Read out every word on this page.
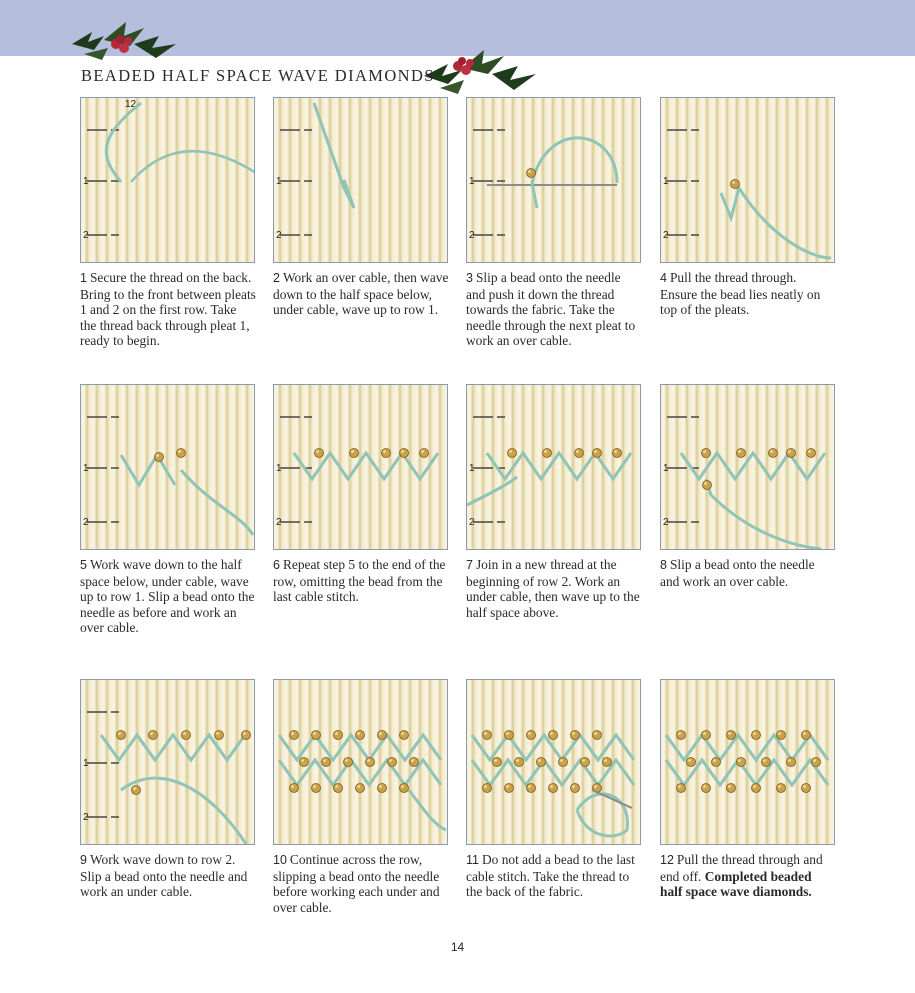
BEADED HALF SPACE WAVE DIAMONDS
1
2
12
1 Secure the thread on the back. Bring to the front between pleats 1 and 2 on the first row. Take the thread back through pleat 1, ready to begin.
1
2
2 Work an over cable, then wave down to the half space below, under cable, wave up to row 1.
1
2
3 Slip a bead onto the needle and push it down the thread towards the fabric. Take the needle through the next pleat to work an over cable.
1
2
4 Pull the thread through. Ensure the bead lies neatly on top of the pleats.
1
2
5 Work wave down to the half space below, under cable, wave up to row 1. Slip a bead onto the needle as before and work an over cable.
1
2
6 Repeat step 5 to the end of the row, omitting the bead from the last cable stitch.
1
2
7 Join in a new thread at the beginning of row 2. Work an under cable, then wave up to the half space above.
1
2
8 Slip a bead onto the needle and work an over cable.
1
2
9 Work wave down to row 2. Slip a bead onto the needle and work an under cable.
10 Continue across the row, slipping a bead onto the needle before working each under and over cable.
11 Do not add a bead to the last cable stitch. Take the thread to the back of the fabric.
12 Pull the thread through and end off. Completed beaded half space wave diamonds.
14
